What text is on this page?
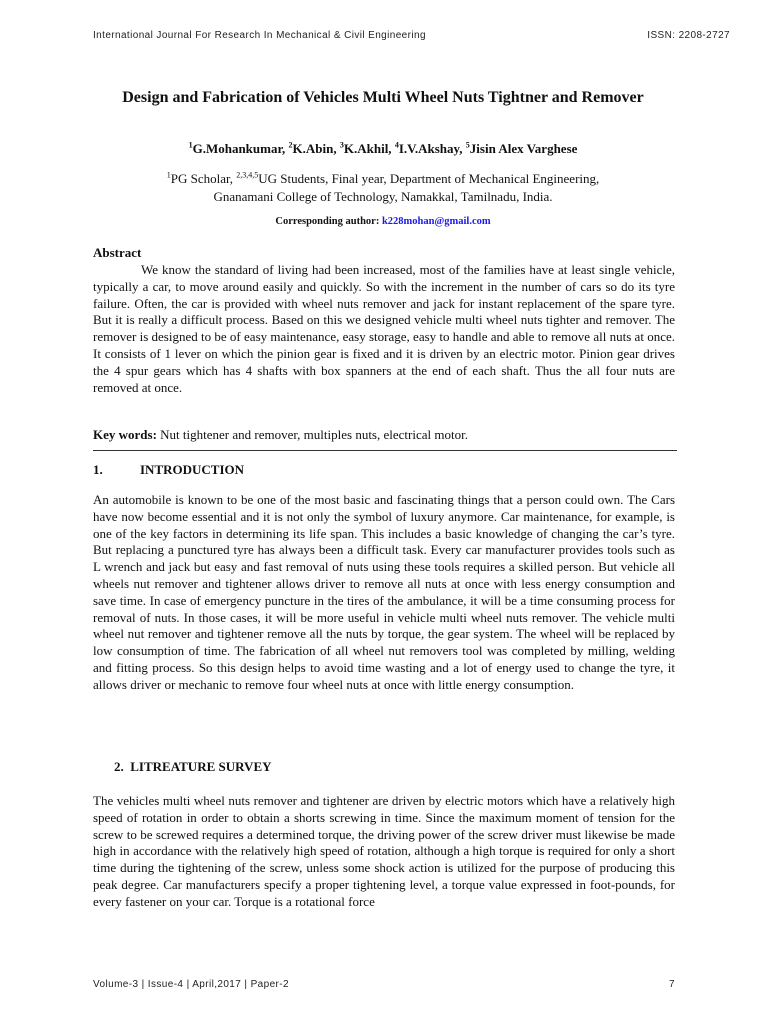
International Journal For Research In Mechanical & Civil Engineering	ISSN: 2208-2727
Design and Fabrication of Vehicles Multi Wheel Nuts Tightner and Remover
$^1$G.Mohankumar, $^2$K.Abin, $^3$K.Akhil, $^4$I.V.Akshay, $^5$Jisin Alex Varghese
$^1$PG Scholar, $^{2,3,4,5}$UG Students, Final year, Department of Mechanical Engineering,
Gnanamani College of Technology, Namakkal, Tamilnadu, India.
Corresponding author: k228mohan@gmail.com
Abstract
We know the standard of living had been increased, most of the families have at least single vehicle, typically a car, to move around easily and quickly. So with the increment in the number of cars so do its tyre failure. Often, the car is provided with wheel nuts remover and jack for instant replacement of the spare tyre. But it is really a difficult process. Based on this we designed vehicle multi wheel nuts tighter and remover. The remover is designed to be of easy maintenance, easy storage, easy to handle and able to remove all nuts at once. It consists of 1 lever on which the pinion gear is fixed and it is driven by an electric motor. Pinion gear drives the 4 spur gears which has 4 shafts with box spanners at the end of each shaft. Thus the all four nuts are removed at once.
Key words: Nut tightener and remover, multiples nuts, electrical motor.
1.	INTRODUCTION
An automobile is known to be one of the most basic and fascinating things that a person could own. The Cars have now become essential and it is not only the symbol of luxury anymore. Car maintenance, for example, is one of the key factors in determining its life span. This includes a basic knowledge of changing the car’s tyre. But replacing a punctured tyre has always been a difficult task. Every car manufacturer provides tools such as L wrench and jack but easy and fast removal of nuts using these tools requires a skilled person. But vehicle all wheels nut remover and tightener allows driver to remove all nuts at once with less energy consumption and save time. In case of emergency puncture in the tires of the ambulance, it will be a time consuming process for removal of nuts. In those cases, it will be more useful in vehicle multi wheel nuts remover. The vehicle multi wheel nut remover and tightener remove all the nuts by torque, the gear system. The wheel will be replaced by low consumption of time. The fabrication of all wheel nut removers tool was completed by milling, welding and fitting process. So this design helps to avoid time wasting and a lot of energy used to change the tyre, it allows driver or mechanic to remove four wheel nuts at once with little energy consumption.
2. LITREATURE SURVEY
The vehicles multi wheel nuts remover and tightener are driven by electric motors which have a relatively high speed of rotation in order to obtain a shorts screwing in time. Since the maximum moment of tension for the screw to be screwed requires a determined torque, the driving power of the screw driver must likewise be made high in accordance with the relatively high speed of rotation, although a high torque is required for only a short time during the tightening of the screw, unless some shock action is utilized for the purpose of producing this peak degree. Car manufacturers specify a proper tightening level, a torque value expressed in foot-pounds, for every fastener on your car. Torque is a rotational force
Volume-3 | Issue-4 | April,2017 | Paper-2	7
